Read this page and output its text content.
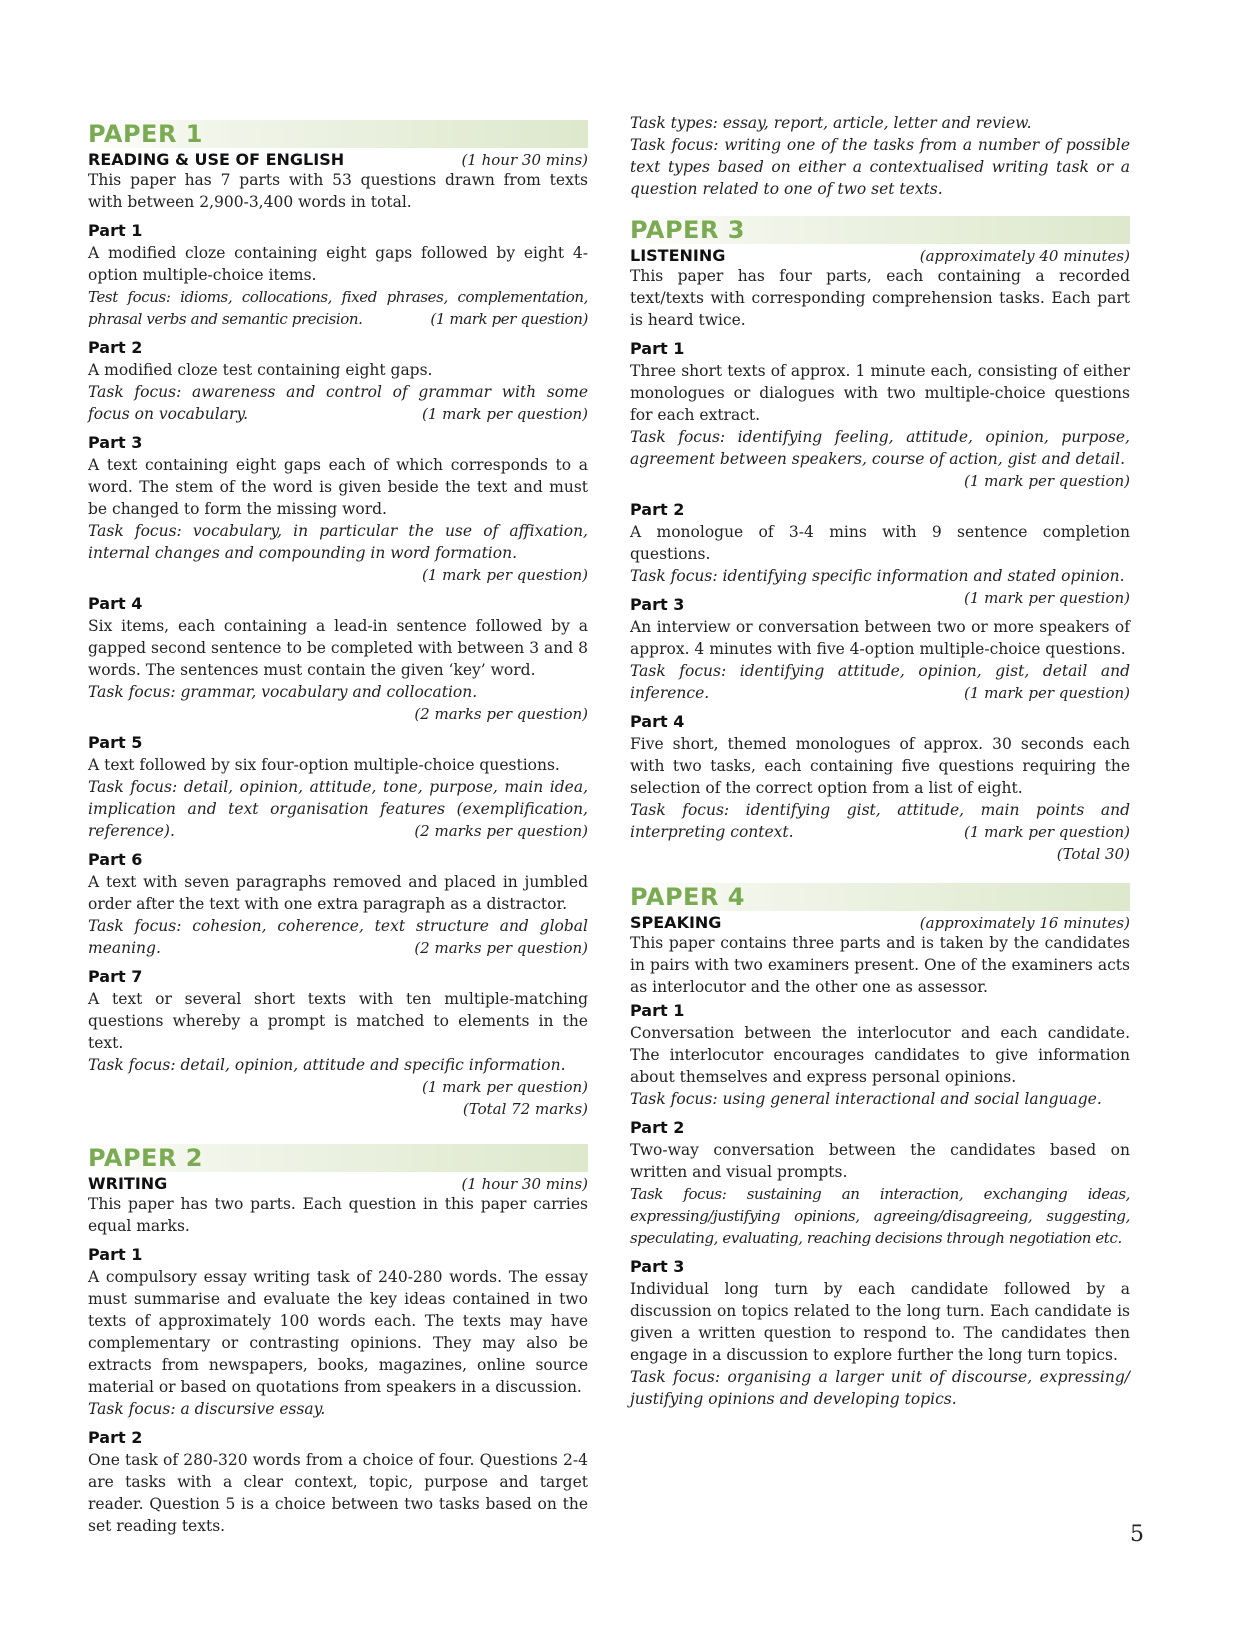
PAPER 1
READING & USE OF ENGLISH	(1 hour 30 mins)

This paper has 7 parts with 53 questions drawn from texts with between 2,900-3,400 words in total.

Part 1

A modified cloze containing eight gaps followed by eight 4-option multiple-choice items.

Test focus: idioms, collocations, fixed phrases, complementation, phrasal verbs and semantic precision.	(1 mark per question)

Part 2

A modified cloze test containing eight gaps.

Task focus: awareness and control of grammar with some focus on vocabulary.	(1 mark per question)

Part 3

A text containing eight gaps each of which corresponds to a word. The stem of the word is given beside the text and must be changed to form the missing word.

Task focus: vocabulary, in particular the use of affixation, internal changes and compounding in word formation.

(1 mark per question)

Part 4

Six items, each containing a lead-in sentence followed by a gapped second sentence to be completed with between 3 and 8 words. The sentences must contain the given ‘key’ word.

Task focus: grammar, vocabulary and collocation.

(2 marks per question)

Part 5

A text followed by six four-option multiple-choice questions.

Task focus: detail, opinion, attitude, tone, purpose, main idea, implication and text organisation features (exemplification, reference).	(2 marks per question)

Part 6

A text with seven paragraphs removed and placed in jumbled order after the text with one extra paragraph as a distractor.

Task focus: cohesion, coherence, text structure and global meaning.	(2 marks per question)

Part 7

A text or several short texts with ten multiple-matching questions whereby a prompt is matched to elements in the text.

Task focus: detail, opinion, attitude and specific information.

(1 mark per question)

(Total 72 marks)

PAPER 2
WRITING	(1 hour 30 mins)

This paper has two parts. Each question in this paper carries equal marks.

Part 1

A compulsory essay writing task of 240-280 words. The essay must summarise and evaluate the key ideas contained in two texts of approximately 100 words each. The texts may have complementary or contrasting opinions. They may also be extracts from newspapers, books, magazines, online source material or based on quotations from speakers in a discussion.

Task focus: a discursive essay.

Part 2

One task of 280-320 words from a choice of four. Questions 2-4 are tasks with a clear context, topic, purpose and target reader. Question 5 is a choice between two tasks based on the set reading texts.

Task types: essay, report, article, letter and review.

Task focus: writing one of the tasks from a number of possible text types based on either a contextualised writing task or a question related to one of two set texts.

PAPER 3
LISTENING	(approximately 40 minutes)

This paper has four parts, each containing a recorded text/texts with corresponding comprehension tasks. Each part is heard twice.

Part 1

Three short texts of approx. 1 minute each, consisting of either monologues or dialogues with two multiple-choice questions for each extract.

Task focus: identifying feeling, attitude, opinion, purpose, agreement between speakers, course of action, gist and detail.

(1 mark per question)

Part 2

A monologue of 3-4 mins with 9 sentence completion questions.

Task focus: identifying specific information and stated opinion.
(1 mark per question)

Part 3

An interview or conversation between two or more speakers of approx. 4 minutes with five 4-option multiple-choice questions.

Task focus: identifying attitude, opinion, gist, detail and inference.	(1 mark per question)

Part 4

Five short, themed monologues of approx. 30 seconds each with two tasks, each containing five questions requiring the selection of the correct option from a list of eight.

Task focus: identifying gist, attitude, main points and interpreting context.	(1 mark per question)

(Total 30)

PAPER 4
SPEAKING	(approximately 16 minutes)

This paper contains three parts and is taken by the candidates in pairs with two examiners present. One of the examiners acts as interlocutor and the other one as assessor.

Part 1

Conversation between the interlocutor and each candidate. The interlocutor encourages candidates to give information about themselves and express personal opinions.

Task focus: using general interactional and social language.

Part 2

Two-way conversation between the candidates based on written and visual prompts.

Task focus: sustaining an interaction, exchanging ideas, expressing/justifying opinions, agreeing/disagreeing, suggesting, speculating, evaluating, reaching decisions through negotiation etc.

Part 3

Individual long turn by each candidate followed by a discussion on topics related to the long turn. Each candidate is given a written question to respond to. The candidates then engage in a discussion to explore further the long turn topics.

Task focus: organising a larger unit of discourse, expressing/ justifying opinions and developing topics.

5
